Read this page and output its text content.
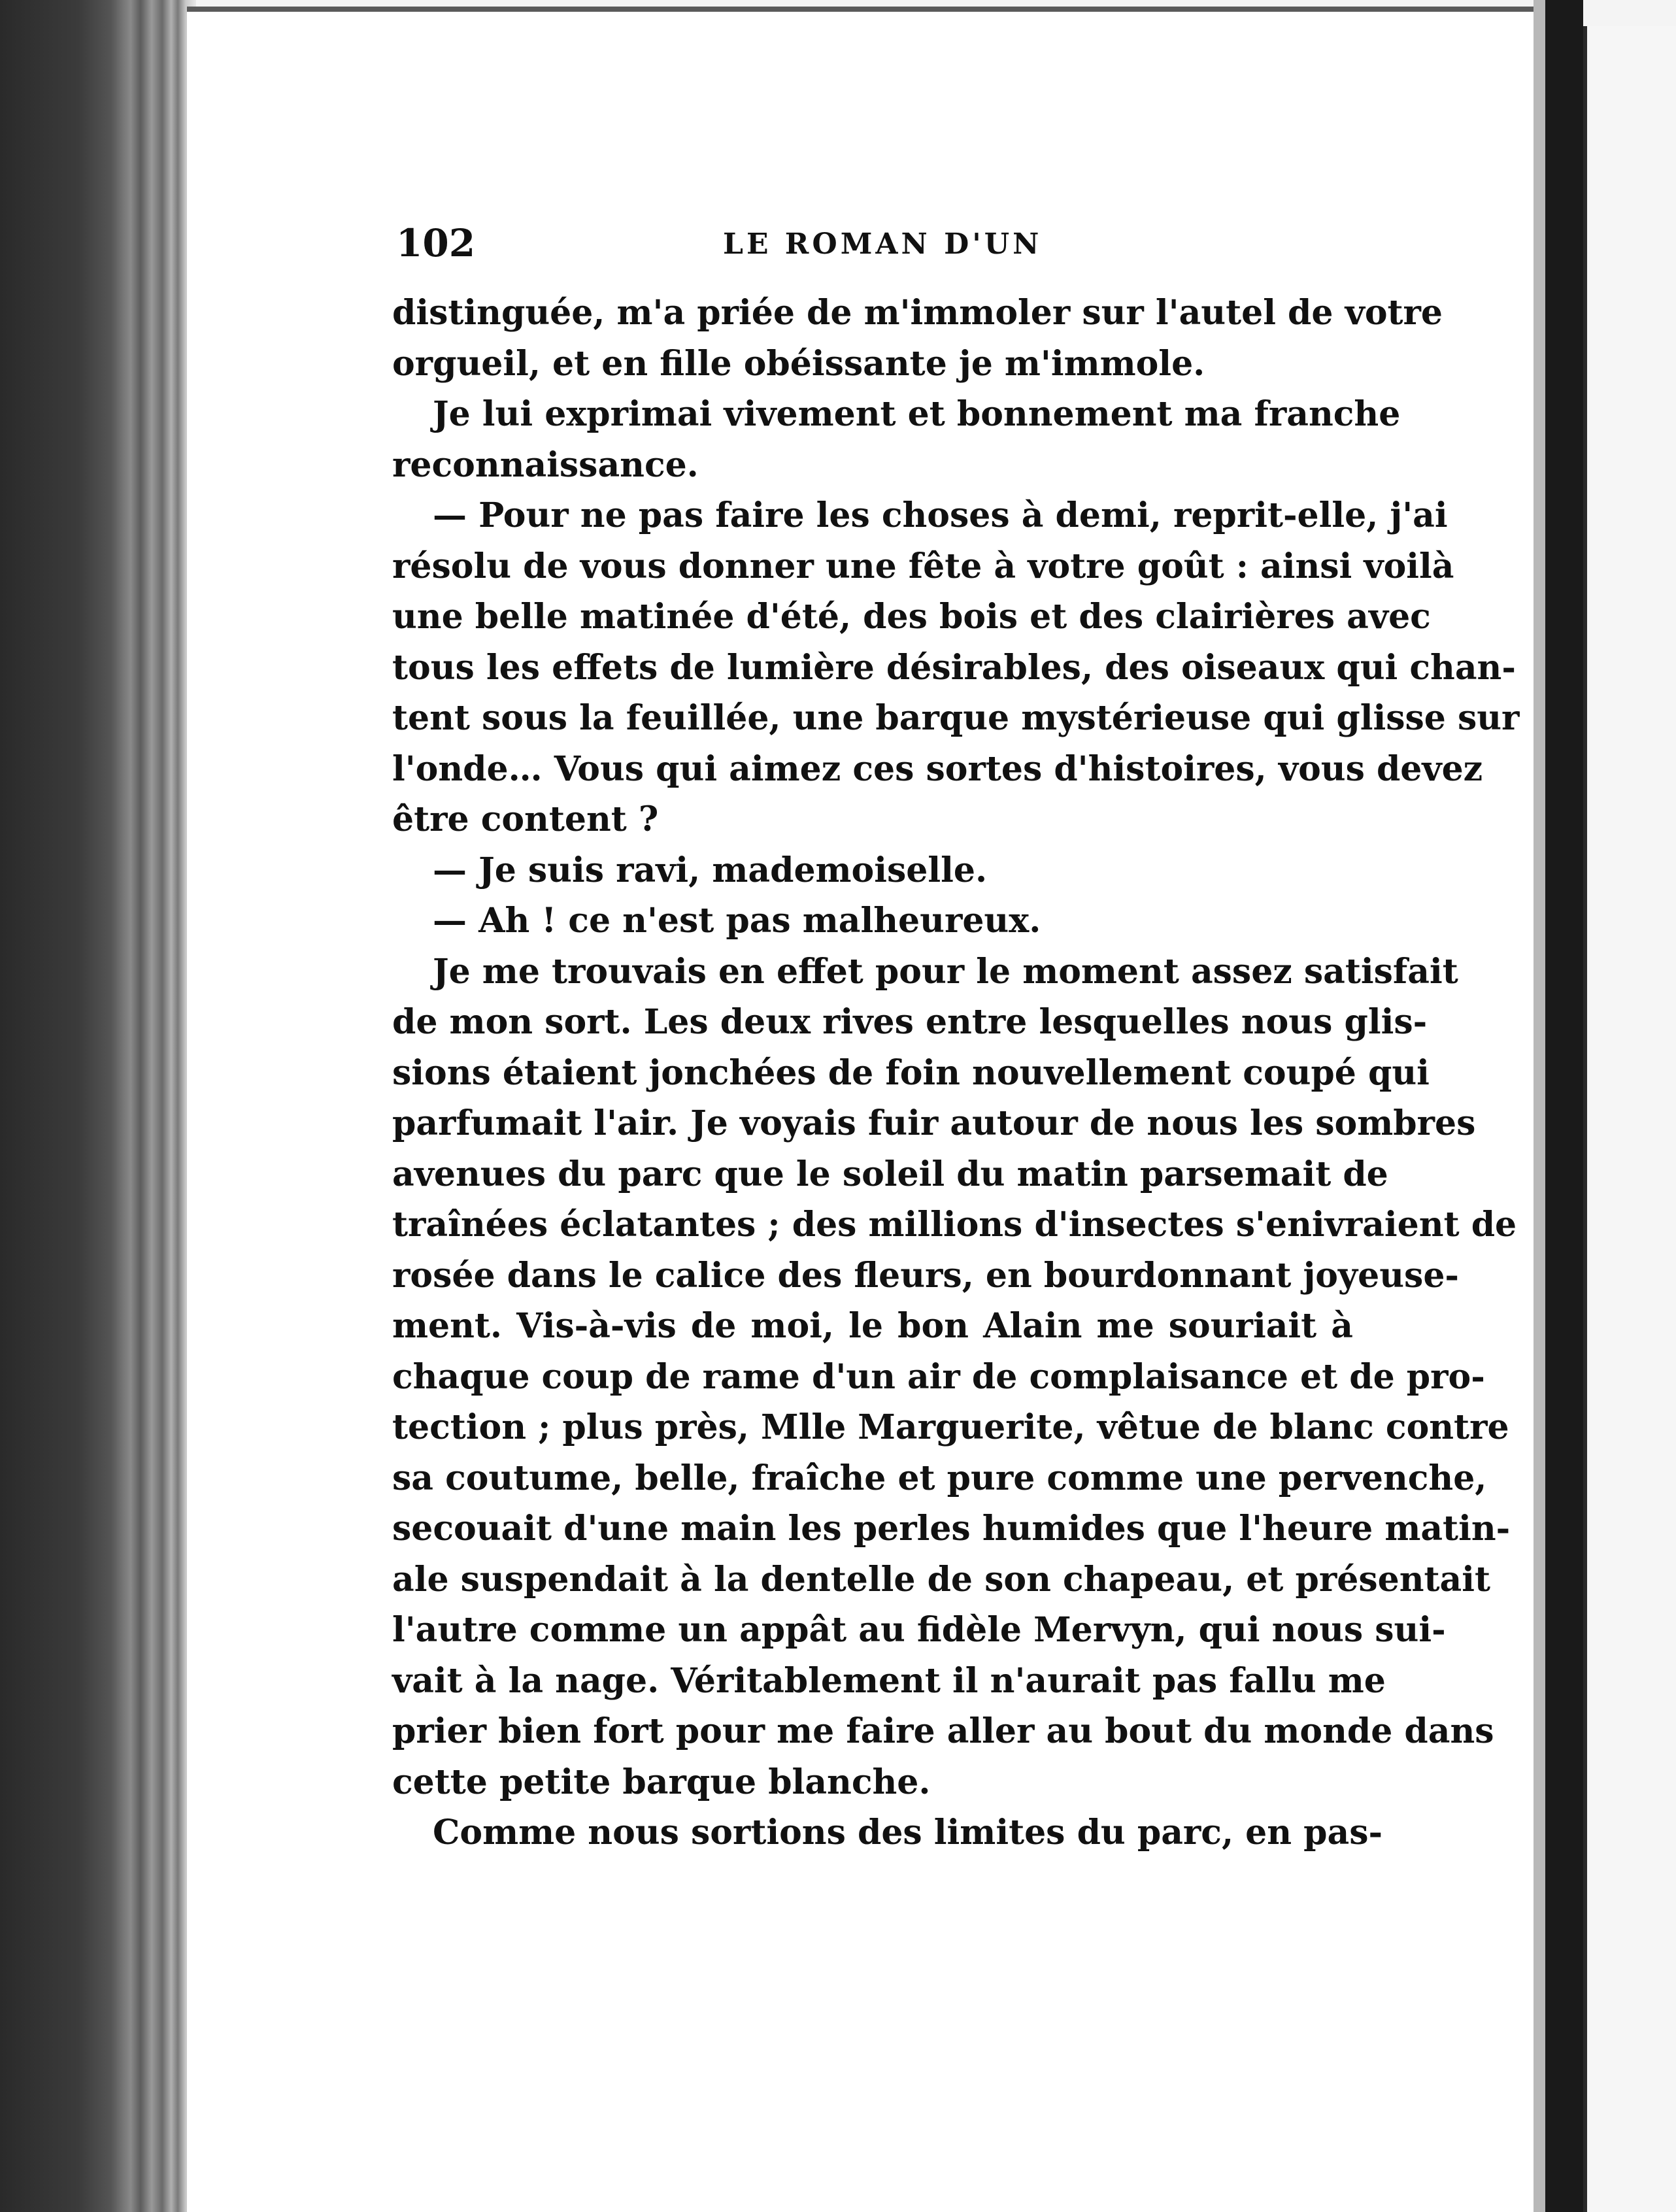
102	LE ROMAN D'UN
distinguée, m'a priée de m'immoler sur l'autel de votre
orgueil, et en fille obéissante je m'immole.
Je lui exprimai vivement et bonnement ma franche
reconnaissance.
— Pour ne pas faire les choses à demi, reprit-elle, j'ai
résolu de vous donner une fête à votre goût : ainsi voilà
une belle matinée d'été, des bois et des clairières avec
tous les effets de lumière désirables, des oiseaux qui chan-
tent sous la feuillée, une barque mystérieuse qui glisse sur
l'onde… Vous qui aimez ces sortes d'histoires, vous devez
être content ?
— Je suis ravi, mademoiselle.
— Ah ! ce n'est pas malheureux.
Je me trouvais en effet pour le moment assez satisfait
de mon sort. Les deux rives entre lesquelles nous glis-
sions étaient jonchées de foin nouvellement coupé qui
parfumait l'air. Je voyais fuir autour de nous les sombres
avenues du parc que le soleil du matin parsemait de
traînées éclatantes ; des millions d'insectes s'enivraient de
rosée dans le calice des fleurs, en bourdonnant joyeuse-
ment. Vis-à-vis de moi, le bon Alain me souriait à
chaque coup de rame d'un air de complaisance et de pro-
tection ; plus près, Mlle Marguerite, vêtue de blanc contre
sa coutume, belle, fraîche et pure comme une pervenche,
secouait d'une main les perles humides que l'heure matin-
ale suspendait à la dentelle de son chapeau, et présentait
l'autre comme un appât au fidèle Mervyn, qui nous sui-
vait à la nage. Véritablement il n'aurait pas fallu me
prier bien fort pour me faire aller au bout du monde dans
cette petite barque blanche.
Comme nous sortions des limites du parc, en pas-
